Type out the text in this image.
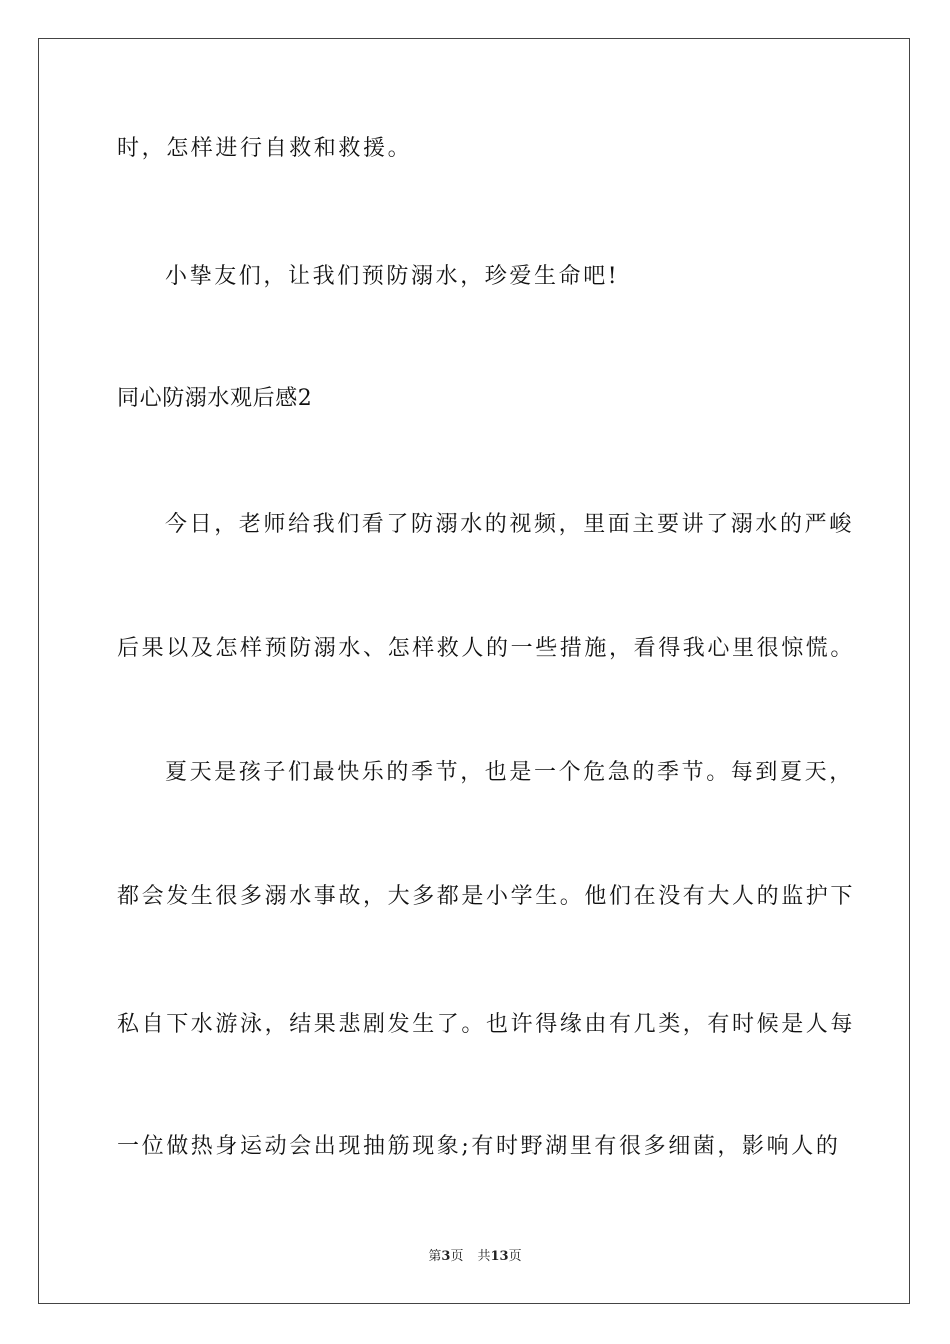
时，怎样进行自救和救援。
小挚友们，让我们预防溺水，珍爱生命吧!
同心防溺水观后感2
今日，老师给我们看了防溺水的视频，里面主要讲了溺水的严峻
后果以及怎样预防溺水、怎样救人的一些措施，看得我心里很惊慌。
夏天是孩子们最快乐的季节，也是一个危急的季节。每到夏天，
都会发生很多溺水事故，大多都是小学生。他们在没有大人的监护下
私自下水游泳，结果悲剧发生了。也许得缘由有几类，有时候是人每
一位做热身运动会出现抽筋现象;有时野湖里有很多细菌，影响人的
第3页 共13页
